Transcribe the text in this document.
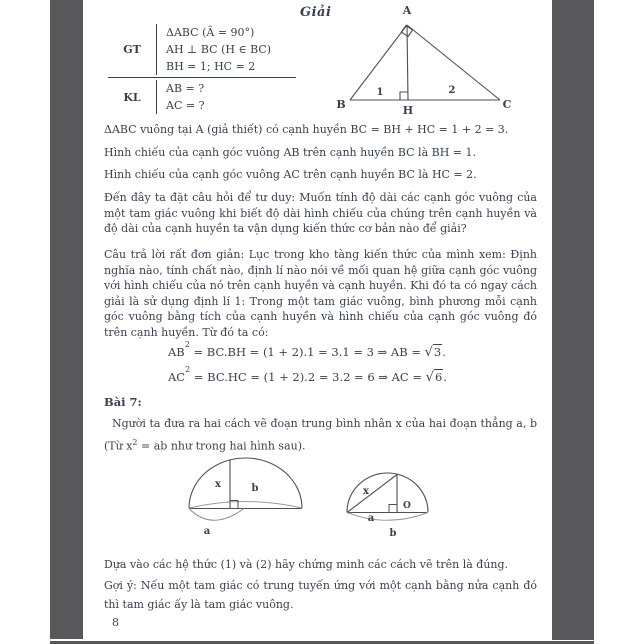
Giải
GT
ΔABC (Â = 90°)
AH ⊥ BC (H ∈ BC)
BH = 1; HC = 2
KL
AB = ?
AC = ?
A
B	C
H
1	2
ΔABC vuông tại A (giả thiết) có cạnh huyền BC = BH + HC = 1 + 2 = 3.
Hình chiếu của cạnh góc vuông AB trên cạnh huyền BC là BH = 1.
Hình chiếu của cạnh góc vuông AC trên cạnh huyền BC là HC = 2.
Đến đây ta đặt câu hỏi để tư duy: Muốn tính độ dài các cạnh góc vuông của một tam giác vuông khi biết độ dài hình chiếu của chúng trên cạnh huyền và độ dài của cạnh huyền ta vận dụng kiến thức cơ bản nào để giải?
Câu trả lời rất đơn giản: Lục trong kho tàng kiến thức của mình xem: Định nghĩa nào, tính chất nào, định lí nào nói về mối quan hệ giữa cạnh góc vuông với hình chiếu của nó trên cạnh huyền và cạnh huyền. Khi đó ta có ngay cách giải là sử dụng định lí 1: Trong một tam giác vuông, bình phương mỗi cạnh góc vuông bằng tích của cạnh huyền và hình chiếu của cạnh góc vuông đó trên cạnh huyền. Từ đó ta có:
$AB^2 = BC.BH = (1 + 2).1 = 3.1 = 3$ ⇒ AB = √3.
$AC^2 = BC.HC = (1 + 2).2 = 3.2 = 6$ ⇒ AC = √6.
Bài 7:
Người ta đưa ra hai cách vẽ đoạn trung bình nhân x của hai đoạn thẳng a, b (Từ $x^2$ = ab như trong hai hình sau).
x	b
a
x
O
a
b
Dựa vào các hệ thức (1) và (2) hãy chứng minh các cách vẽ trên là đúng.
Gợi ý: Nếu một tam giác có trung tuyến ứng với một cạnh bằng nửa cạnh đó thì tam giác ấy là tam giác vuông.
8
